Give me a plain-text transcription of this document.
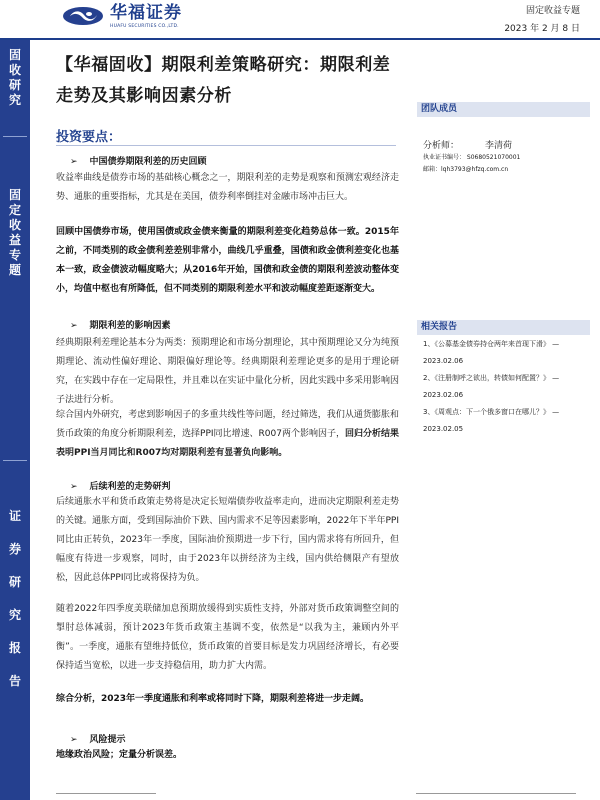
华福证券
HUAFU SECURITIES CO.,LTD.
固定收益专题
2023 年 2 月 8 日
固
收
研
究
固
定
收
益
专
题
证
券
研
究
报
告
【华福固收】期限利差策略研究：期限利差走势及其影响因素分析
团队成员
分析师：	李清荷
执业证书编号： S0680521070001
邮箱：lqh3793@hfzq.com.cn
相关报告
1、《公募基金债券持仓两年来首现下滑》 — 2023.02.06
2、《注册制呼之欲出，转债如何配置？》 — 2023.02.06
3、《周观点：下一个俄多窗口在哪儿？》 — 2023.02.05
投资要点：
➢ 中国债券期限利差的历史回顾
收益率曲线是债券市场的基础核心概念之一，期限利差的走势是观察和预测宏观经济走势、通胀的重要指标，尤其是在美国，债券利率倒挂对金融市场冲击巨大。
回顾中国债券市场，使用国债或政金债来衡量的期限利差变化趋势总体一致。2015年之前，不同类别的政金债利差差别非常小，曲线几乎重叠，国债和政金债利差变化也基本一致，政金债波动幅度略大；从2016年开始，国债和政金债的期限利差波动整体变小，均值中枢也有所降低，但不同类别的期限利差水平和波动幅度差距逐渐变大。
➢ 期限利差的影响因素
经典期限利差理论基本分为两类：预期理论和市场分割理论，其中预期理论又分为纯预期理论、流动性偏好理论、期限偏好理论等。经典期限利差理论更多的是用于理论研究，在实践中存在一定局限性，并且难以在实证中量化分析，因此实践中多采用影响因子法进行分析。
综合国内外研究，考虑到影响因子的多重共线性等问题，经过筛选，我们从通货膨胀和货币政策的角度分析期限利差，选择PPI同比增速、R007两个影响因子，回归分析结果表明PPI当月同比和R007均对期限利差有显著负向影响。
➢ 后续利差的走势研判
后续通胀水平和货币政策走势将是决定长短端债券收益率走向，进而决定期限利差走势的关键。通胀方面，受到国际油价下跌、国内需求不足等因素影响，2022年下半年PPI同比由正转负，2023年一季度，国际油价预期进一步下行，国内需求将有所回升，但幅度有待进一步观察，同时，由于2023年以拼经济为主线，国内供给侧限产有望放松，因此总体PPI同比或将保持为负。
随着2022年四季度美联储加息预期放缓得到实质性支持，外部对货币政策调整空间的掣肘总体减弱，预计2023年货币政策主基调不变，依然是“以我为主，兼顾内外平衡”。一季度，通胀有望维持低位，货币政策的首要目标是发力巩固经济增长，有必要保持适当宽松，以进一步支持稳信用，助力扩大内需。
综合分析，2023年一季度通胀和利率或将同时下降，期限利差将进一步走阔。
➢ 风险提示
地缘政治风险；定量分析误差。
